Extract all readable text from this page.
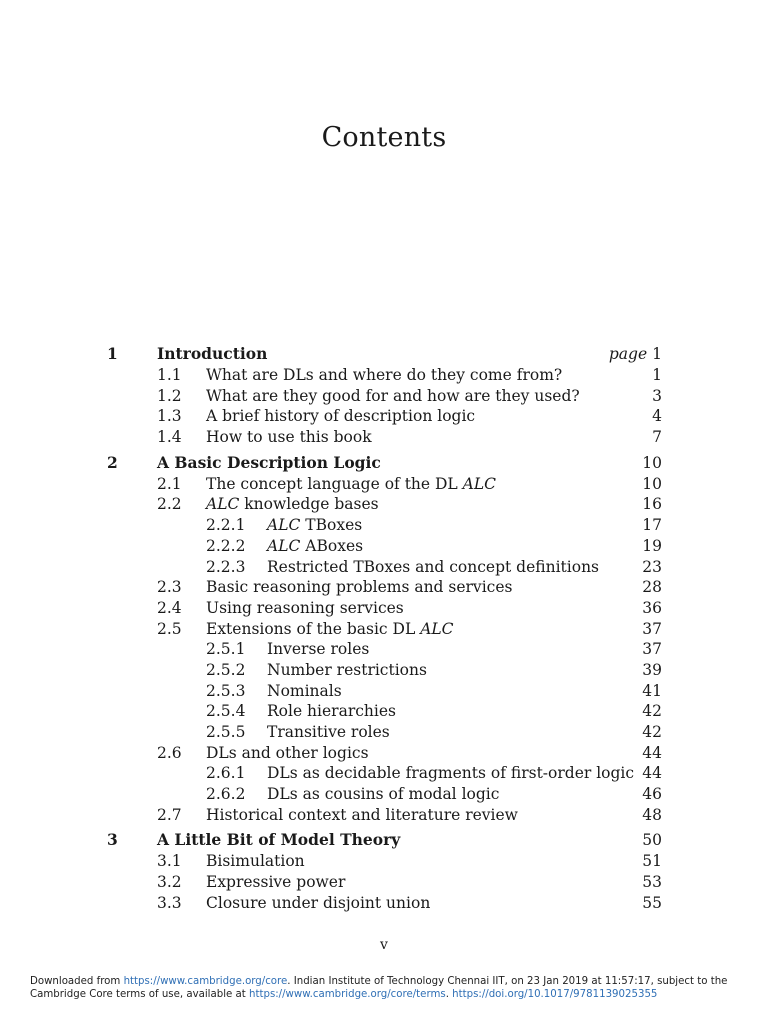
Contents
1	Introduction	page 1
1.1 What are DLs and where do they come from?	1
1.2 What are they good for and how are they used?	3
1.3 A brief history of description logic	4
1.4 How to use this book	7
2	A Basic Description Logic	10
2.1 The concept language of the DL ALC	10
2.2 ALC knowledge bases	16
2.2.1 ALC TBoxes	17
2.2.2 ALC ABoxes	19
2.2.3 Restricted TBoxes and concept definitions	23
2.3 Basic reasoning problems and services	28
2.4 Using reasoning services	36
2.5 Extensions of the basic DL ALC	37
2.5.1 Inverse roles	37
2.5.2 Number restrictions	39
2.5.3 Nominals	41
2.5.4 Role hierarchies	42
2.5.5 Transitive roles	42
2.6 DLs and other logics	44
2.6.1 DLs as decidable fragments of first-order logic 44
2.6.2 DLs as cousins of modal logic	46
2.7 Historical context and literature review	48
3	A Little Bit of Model Theory	50
3.1 Bisimulation	51
3.2 Expressive power	53
3.3 Closure under disjoint union	55
v
Downloaded from https://www.cambridge.org/core. Indian Institute of Technology Chennai IIT, on 23 Jan 2019 at 11:57:17, subject to the
Cambridge Core terms of use, available at https://www.cambridge.org/core/terms. https://doi.org/10.1017/9781139025355
